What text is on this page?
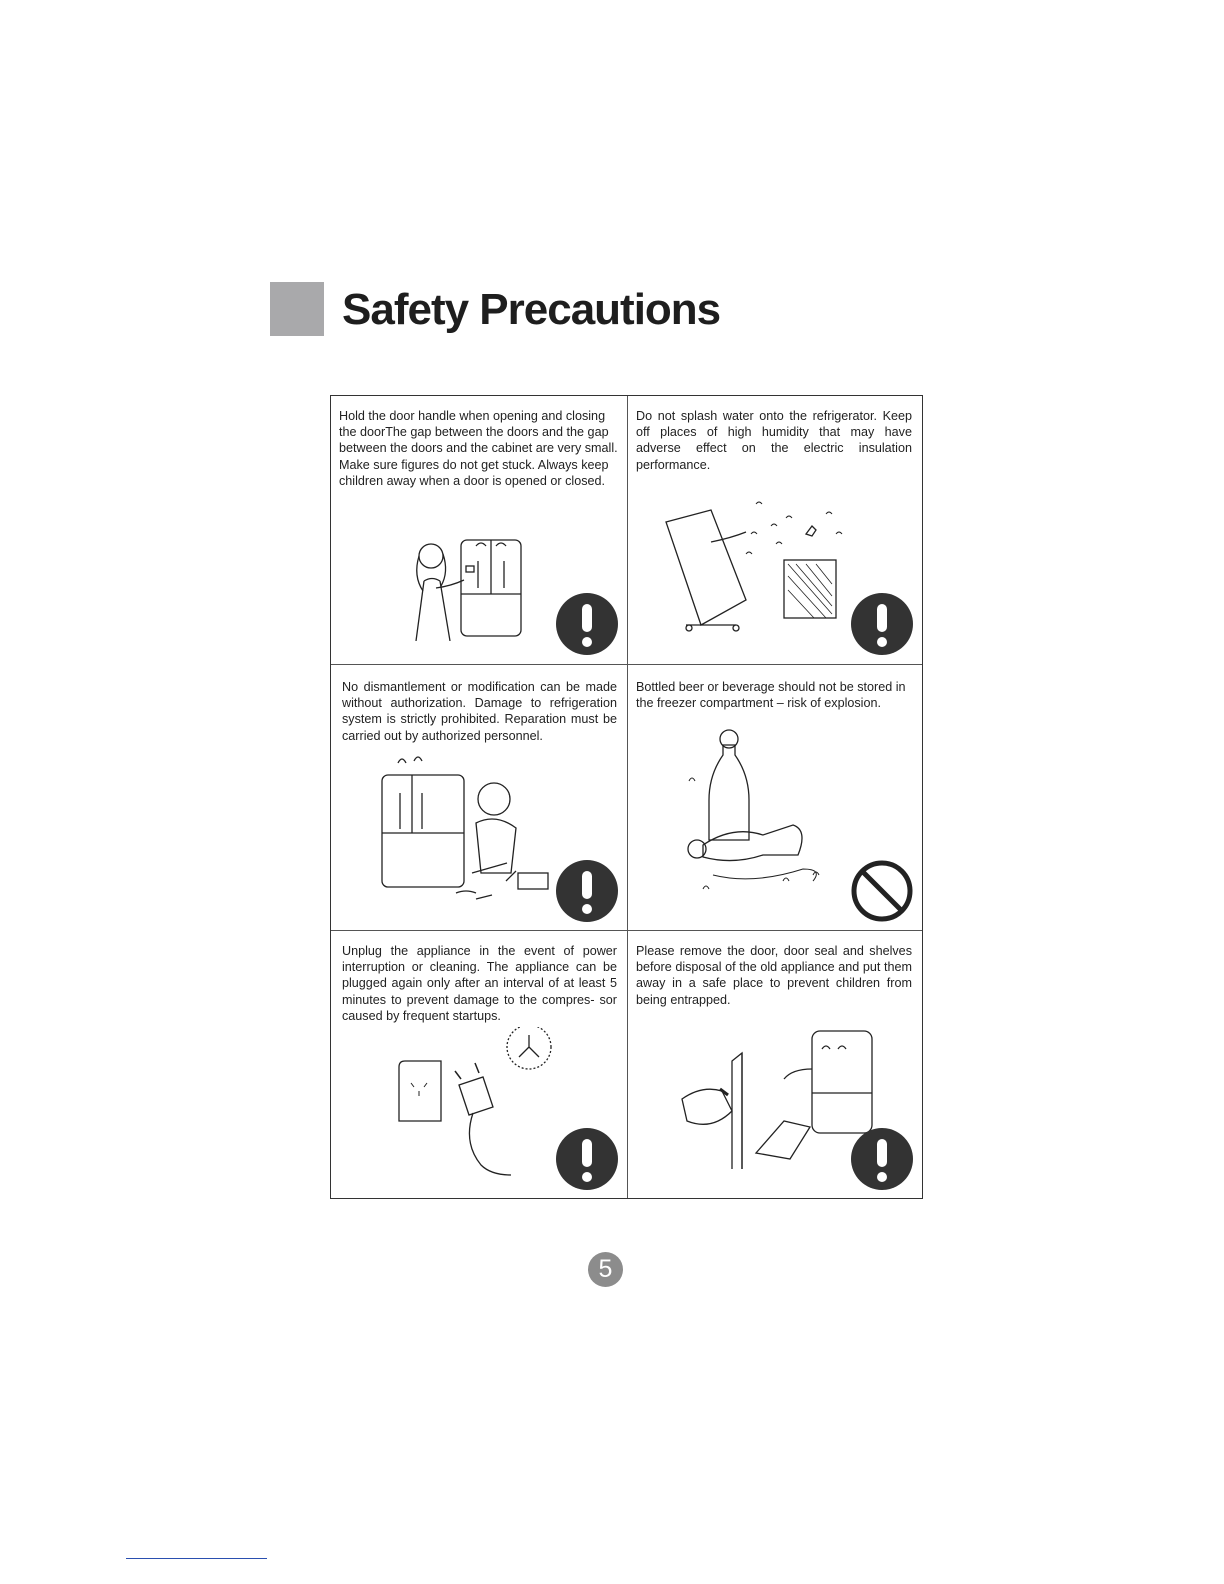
Safety Precautions

Hold the door handle when opening and closing the doorThe gap between the doors and the gap between the doors and the cabinet are very small. Make sure figures do not get stuck. Always keep children away when a door is opened or closed.

Do not splash water onto the refrigerator. Keep off places of high humidity that may have adverse effect on the electric insulation performance.

No dismantlement or modification can be made without authorization. Damage to refrigeration system is strictly prohibited. Reparation must be carried out by authorized personnel.

Bottled beer or beverage should not be stored in the freezer compartment – risk of explosion.

Unplug the appliance in the event of power interruption or cleaning. The appliance can be plugged again only after an interval of at least 5 minutes to prevent damage to the compres- sor caused by frequent startups.

Please remove the door, door seal and shelves before disposal of the old appliance and put them away in a safe place to prevent children from being entrapped.

5
